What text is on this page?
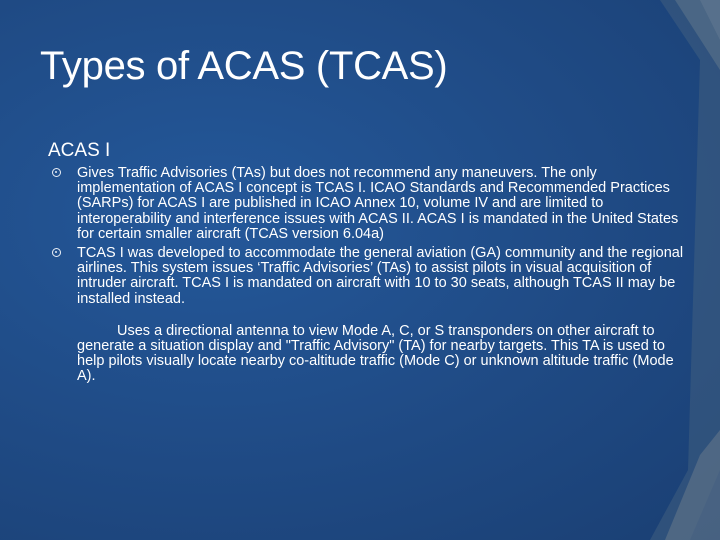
Types of ACAS (TCAS)
ACAS I
Gives Traffic Advisories (TAs) but does not recommend any maneuvers. The only implementation of ACAS I concept is TCAS I. ICAO Standards and Recommended Practices (SARPs) for ACAS I are published in ICAO Annex 10, volume IV and are limited to interoperability and interference issues with ACAS II. ACAS I is mandated in the United States for certain smaller aircraft (TCAS version 6.04a)
TCAS I was developed to accommodate the general aviation (GA) community and the regional airlines. This system issues ‘Traffic Advisories’ (TAs) to assist pilots in visual acquisition of intruder aircraft. TCAS I is mandated on aircraft with 10 to 30 seats, although TCAS II may be installed instead.
Uses a directional antenna to view Mode A, C, or S transponders on other aircraft to generate a situation display and "Traffic Advisory" (TA) for nearby targets. This TA is used to help pilots visually locate nearby co-altitude traffic (Mode C) or unknown altitude traffic (Mode A).
